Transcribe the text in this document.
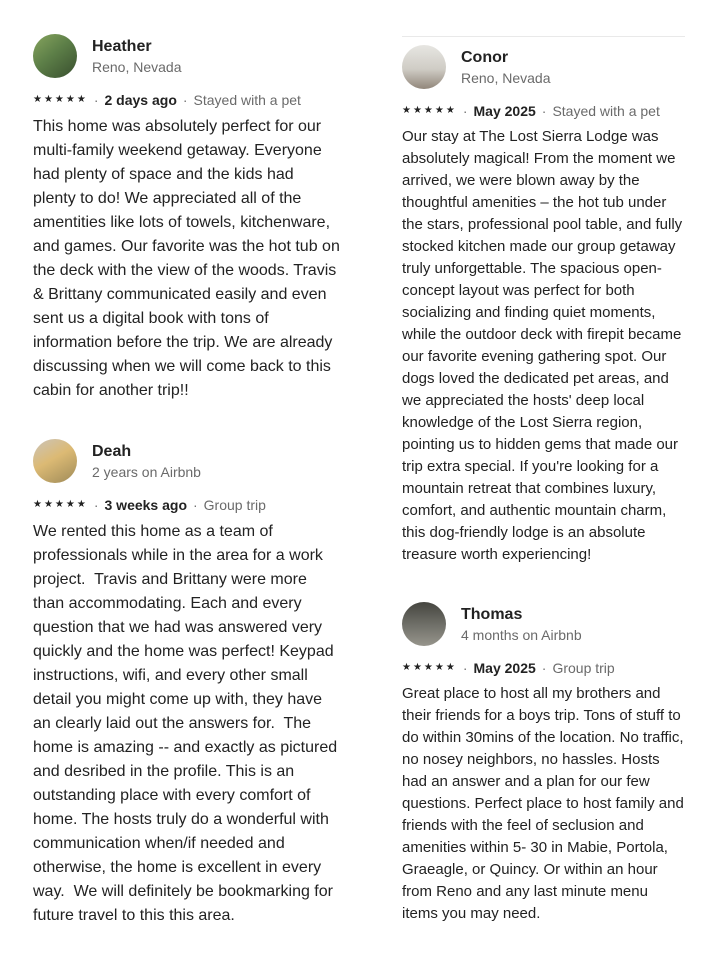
Heather
Reno, Nevada
★★★★★ · 2 days ago · Stayed with a pet

This home was absolutely perfect for our multi-family weekend getaway. Everyone had plenty of space and the kids had plenty to do! We appreciated all of the amentities like lots of towels, kitchenware, and games. Our favorite was the hot tub on the deck with the view of the woods. Travis & Brittany communicated easily and even sent us a digital book with tons of information before the trip. We are already discussing when we will come back to this cabin for another trip!!

Deah
2 years on Airbnb
★★★★★ · 3 weeks ago · Group trip

We rented this home as a team of professionals while in the area for a work project.  Travis and Brittany were more than accommodating. Each and every question that we had was answered very quickly and the home was perfect! Keypad instructions, wifi, and every other small detail you might come up with, they have an clearly laid out the answers for.  The home is amazing -- and exactly as pictured and desribed in the profile. This is an outstanding place with every comfort of home. The hosts truly do a wonderful with communication when/if needed and otherwise, the home is excellent in every way.  We will definitely be bookmarking for future travel to this this area.

Conor
Reno, Nevada
★★★★★ · May 2025 · Stayed with a pet

Our stay at The Lost Sierra Lodge was absolutely magical! From the moment we arrived, we were blown away by the thoughtful amenities – the hot tub under the stars, professional pool table, and fully stocked kitchen made our group getaway truly unforgettable. The spacious open-concept layout was perfect for both socializing and finding quiet moments, while the outdoor deck with firepit became our favorite evening gathering spot. Our dogs loved the dedicated pet areas, and we appreciated the hosts' deep local knowledge of the Lost Sierra region, pointing us to hidden gems that made our trip extra special. If you're looking for a mountain retreat that combines luxury, comfort, and authentic mountain charm, this dog-friendly lodge is an absolute treasure worth experiencing!

Thomas
4 months on Airbnb
★★★★★ · May 2025 · Group trip

Great place to host all my brothers and their friends for a boys trip. Tons of stuff to do within 30mins of the location. No traffic, no nosey neighbors, no hassles. Hosts had an answer and a plan for our few questions. Perfect place to host family and friends with the feel of seclusion and amenities within 5- 30 in Mabie, Portola, Graeagle, or Quincy. Or within an hour from Reno and any last minute menu items you may need.
